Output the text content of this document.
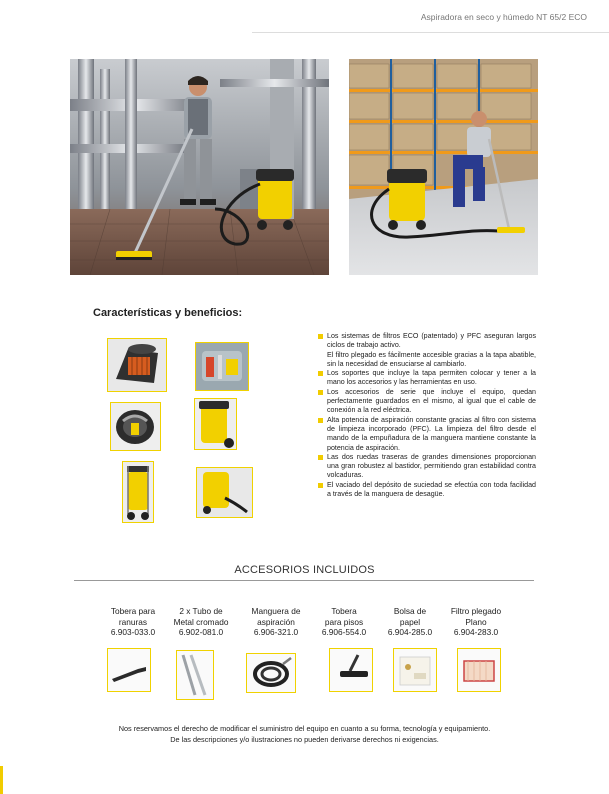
Aspiradora en seco y húmedo NT 65/2 ECO
Características y beneficios:
Los sistemas de filtros ECO (patentado) y PFC aseguran largos ciclos de trabajo activo.
El filtro plegado es fácilmente accesible gracias a la tapa abatible, sin la necesidad de ensuciarse al cambiarlo.
Los soportes que incluye la tapa permiten colocar y tener a la mano los accesorios y las herramientas en uso.
Los accesorios de serie que incluye el equipo, quedan perfectamente guardados en el mismo, al igual que el cable de conexión a la red eléctrica.
Alta potencia de aspiración constante gracias al filtro con sistema de limpieza incorporado (PFC). La limpieza del filtro desde el mando de la empuñadura de la manguera mantiene constante la potencia de aspiración.
Las dos ruedas traseras de grandes dimensiones proporcionan una gran robustez al bastidor, permitiendo gran estabilidad contra volcaduras.
El vaciado del depósito de suciedad se efectúa con toda facilidad a través de la manguera de desagüe.
ACCESORIOS INCLUIDOS
Tobera para
ranuras
6.903-033.0
2 x Tubo de
Metal cromado
6.902-081.0
Manguera de
aspiración
6.906-321.0
Tobera
para pisos
6.906-554.0
Bolsa de
papel
6.904-285.0
Filtro plegado
Plano
6.904-283.0

Nos reservamos el derecho de modificar el suministro del equipo en cuanto a su forma, tecnología y equipamiento.

De las descripciones y/o ilustraciones no pueden derivarse derechos ni exigencias.
